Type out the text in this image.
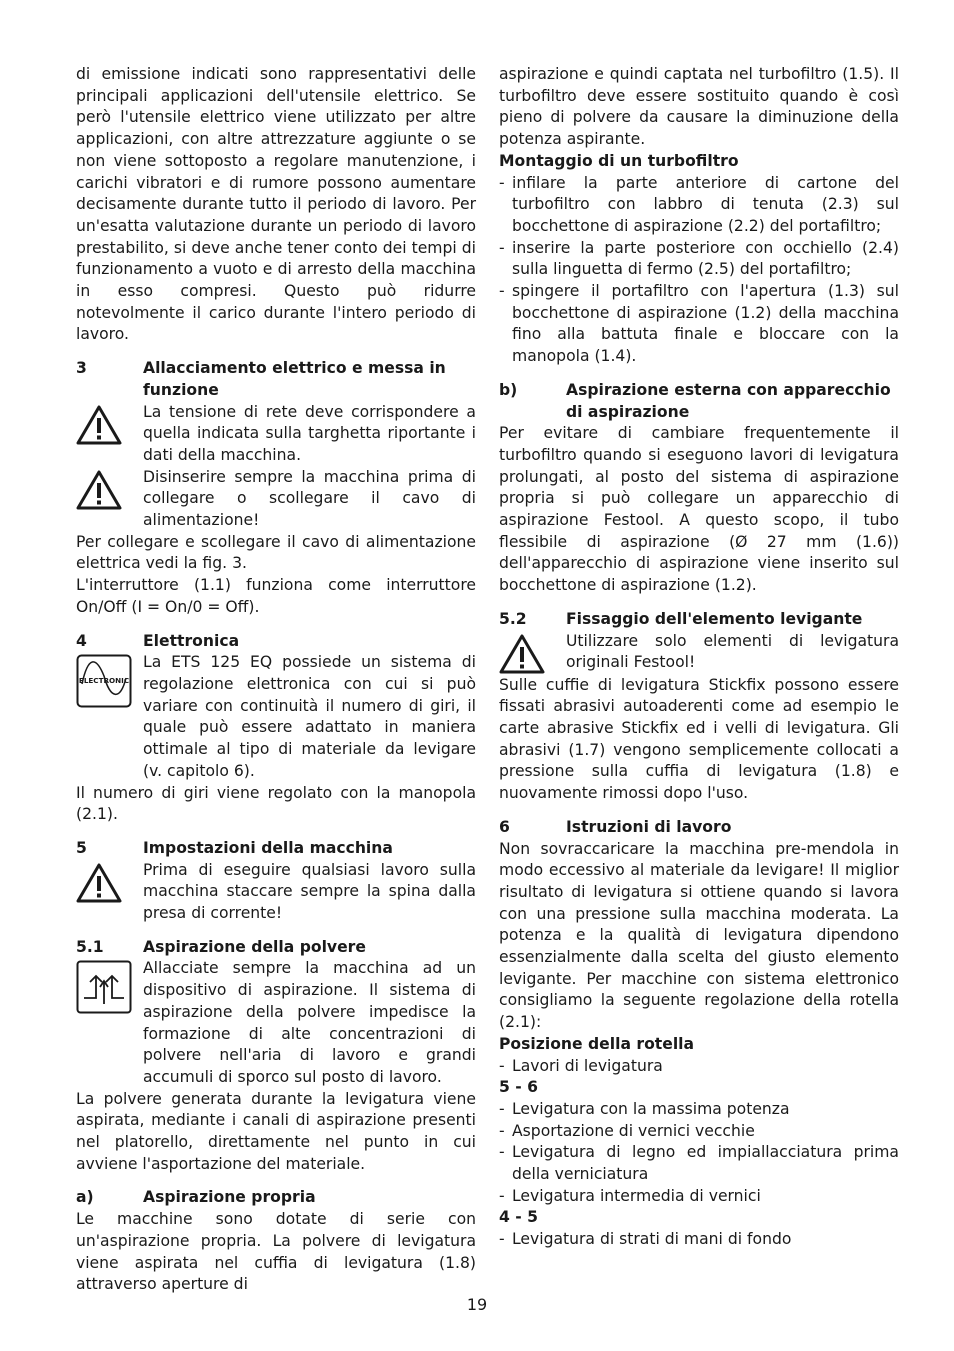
di emissione indicati sono rappresentativi delle principali applicazioni dell'utensile elettrico. Se però l'utensile elettrico viene utilizzato per altre applicazioni, con altre attrezzature aggiunte o se non viene sottoposto a regolare manutenzione, i carichi vibratori e di rumore possono aumentare decisamente durante tutto il periodo di lavoro. Per un'esatta valutazione durante un periodo di lavoro prestabilito, si deve anche tener conto dei tempi di funzionamento a vuoto e di arresto della macchina in esso compresi. Questo può ridurre notevolmente il carico durante l'intero periodo di lavoro.

3	Allacciamento elettrico e messa in funzione

La tensione di rete deve corrispondere a quella indicata sulla targhetta riportante i dati della macchina.

Disinserire sempre la macchina prima di collegare o scollegare il cavo di alimentazione!

Per collegare e scollegare il cavo di alimentazione elettrica vedi la fig. 3.

L'interruttore (1.1) funziona come interruttore On/Off (I = On/0 = Off).

4	Elettronica
ELECTRONIC

La ETS 125 EQ possiede un sistema di regolazione elettronica con cui si può variare con continuità il numero di giri, il quale può essere adattato in maniera ottimale al tipo di materiale da levigare (v. capitolo 6).

Il numero di giri viene regolato con la manopola (2.1).

5	Impostazioni della macchina

Prima di eseguire qualsiasi lavoro sulla macchina staccare sempre la spina dalla presa di corrente!

5.1	Aspirazione della polvere

Allacciate sempre la macchina ad un dispositivo di aspirazione. Il sistema di aspirazione della polvere impedisce la formazione di alte concentrazioni di polvere nell'aria di lavoro e grandi accumuli di sporco sul posto di lavoro.

La polvere generata durante la levigatura viene aspirata, mediante i canali di aspirazione presenti nel platorello, direttamente nel punto in cui avviene l'asportazione del materiale.

a)	Aspirazione propria

Le macchine sono dotate di serie con un'aspirazione propria. La polvere di levigatura viene aspirata nel cuffia di levigatura (1.8) attraverso aperture di

aspirazione e quindi captata nel turbofiltro (1.5). Il turbofiltro deve essere sostituito quando è così pieno di polvere da causare la diminuzione della potenza aspirante.

Montaggio di un turbofiltro
- infilare la parte anteriore di cartone del turbofiltro con labbro di tenuta (2.3) sul bocchettone di aspirazione (2.2) del portafiltro;
- inserire la parte posteriore con occhiello (2.4) sulla linguetta di fermo (2.5) del portafiltro;
- spingere il portafiltro con l'apertura (1.3) sul bocchettone di aspirazione (1.2) della macchina fino alla battuta finale e bloccare con la manopola (1.4).
b)	Aspirazione esterna con apparecchio di aspirazione

Per evitare di cambiare frequentemente il turbofiltro quando si eseguono lavori di levigatura prolungati, al posto del sistema di aspirazione propria si può collegare un apparecchio di aspirazione Festool. A questo scopo, il tubo flessibile di aspirazione (Ø 27 mm (1.6)) dell'apparecchio di aspirazione viene inserito sul bocchettone di aspirazione (1.2).

5.2	Fissaggio dell'elemento levigante

Utilizzare solo elementi di levigatura originali Festool!

Sulle cuffie di levigatura Stickfix possono essere fissati abrasivi autoaderenti come ad esempio le carte abrasive Stickfix ed i velli di levigatura. Gli abrasivi (1.7) vengono semplicemente collocati a pressione sulla cuffia di levigatura (1.8) e nuovamente rimossi dopo l'uso.

6	Istruzioni di lavoro

Non sovraccaricare la macchina pre-mendola in modo eccessivo al materiale da levigare! Il miglior risultato di levigatura si ottiene quando si lavora con una pressione sulla macchina moderata. La potenza e la qualità di levigatura dipendono essenzialmente dalla scelta del giusto elemento levigante. Per macchine con sistema elettronico consigliamo la seguente regolazione della rotella (2.1):

Posizione della rotella
- Lavori di levigatura
5 - 6
- Levigatura con la massima potenza
- Asportazione di vernici vecchie
- Levigatura di legno ed impiallacciatura prima della verniciatura
- Levigatura intermedia di vernici
4 - 5
- Levigatura di strati di mani di fondo
19
